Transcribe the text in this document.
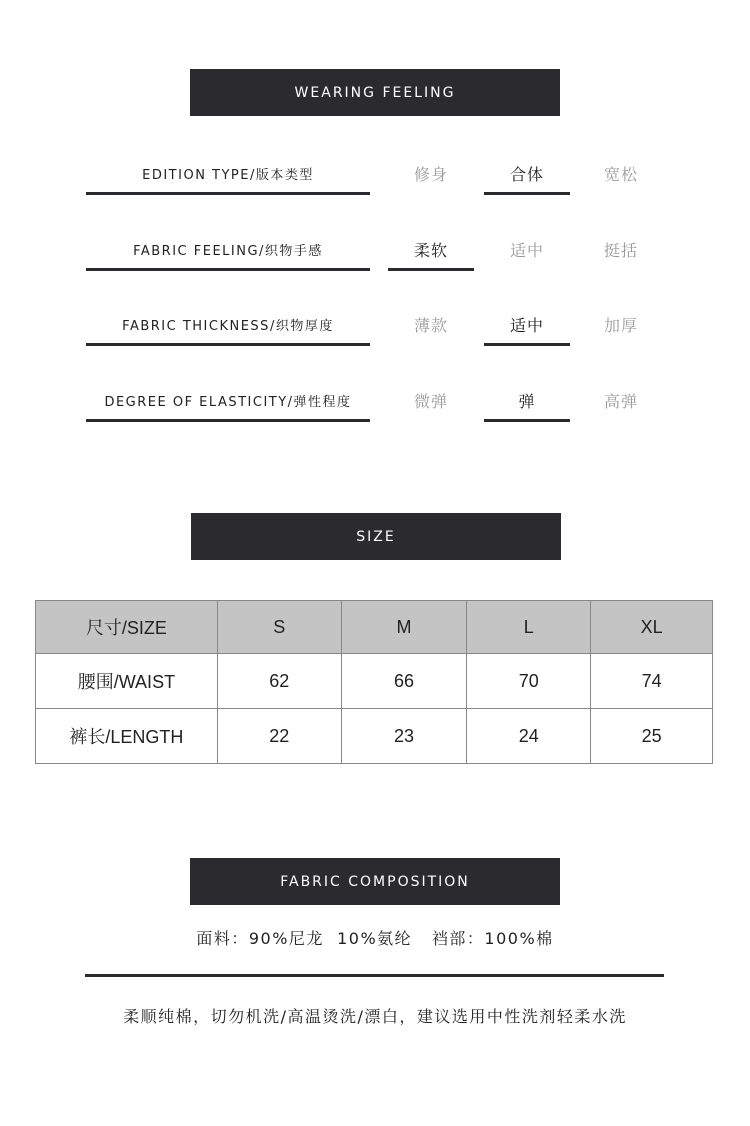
WEARING FEELING
EDITION TYPE/版本类型	修身	合体	宽松
FABRIC FEELING/织物手感	柔软	适中	挺括
FABRIC THICKNESS/织物厚度	薄款	适中	加厚
DEGREE OF ELASTICITY/弹性程度	微弹	弹	高弹
SIZE
尺寸/SIZE	S	M	L	XL
腰围/WAIST	62	66	70	74
裤长/LENGTH	22	23	24	25
FABRIC COMPOSITION
面料：90%尼龙  10%氨纶   裆部：100%棉
柔顺纯棉，切勿机洗/高温烫洗/漂白，建议选用中性洗剂轻柔水洗
